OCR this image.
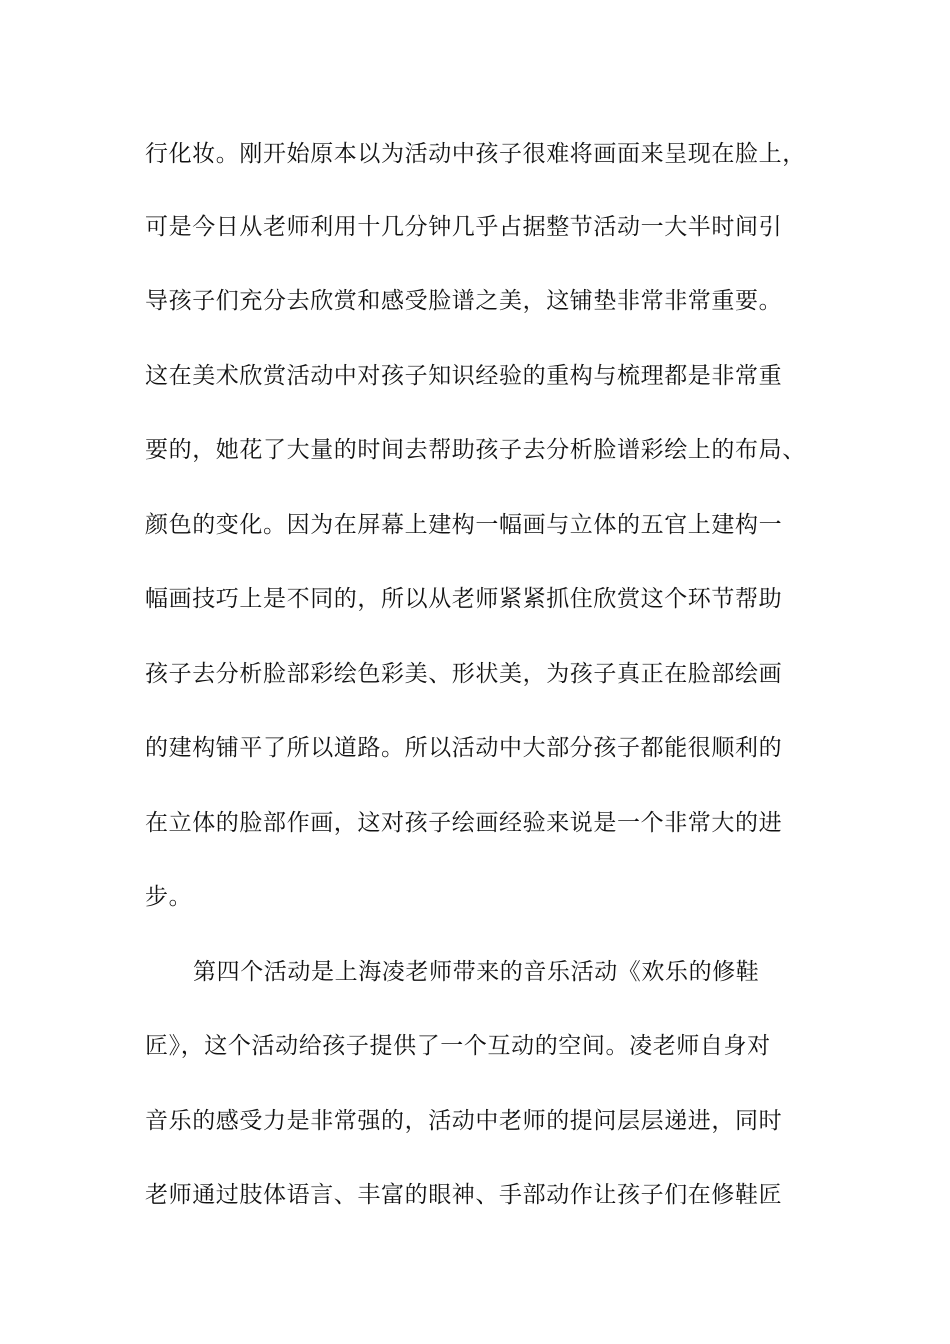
行化妆。刚开始原本以为活动中孩子很难将画面来呈现在脸上，
可是今日从老师利用十几分钟几乎占据整节活动一大半时间引
导孩子们充分去欣赏和感受脸谱之美，这铺垫非常非常重要。
这在美术欣赏活动中对孩子知识经验的重构与梳理都是非常重
要的，她花了大量的时间去帮助孩子去分析脸谱彩绘上的布局、
颜色的变化。因为在屏幕上建构一幅画与立体的五官上建构一
幅画技巧上是不同的，所以从老师紧紧抓住欣赏这个环节帮助
孩子去分析脸部彩绘色彩美、形状美，为孩子真正在脸部绘画
的建构铺平了所以道路。所以活动中大部分孩子都能很顺利的
在立体的脸部作画，这对孩子绘画经验来说是一个非常大的进
步。
第四个活动是上海凌老师带来的音乐活动《欢乐的修鞋
匠》，这个活动给孩子提供了一个互动的空间。凌老师自身对
音乐的感受力是非常强的，活动中老师的提问层层递进，同时
老师通过肢体语言、丰富的眼神、手部动作让孩子们在修鞋匠
